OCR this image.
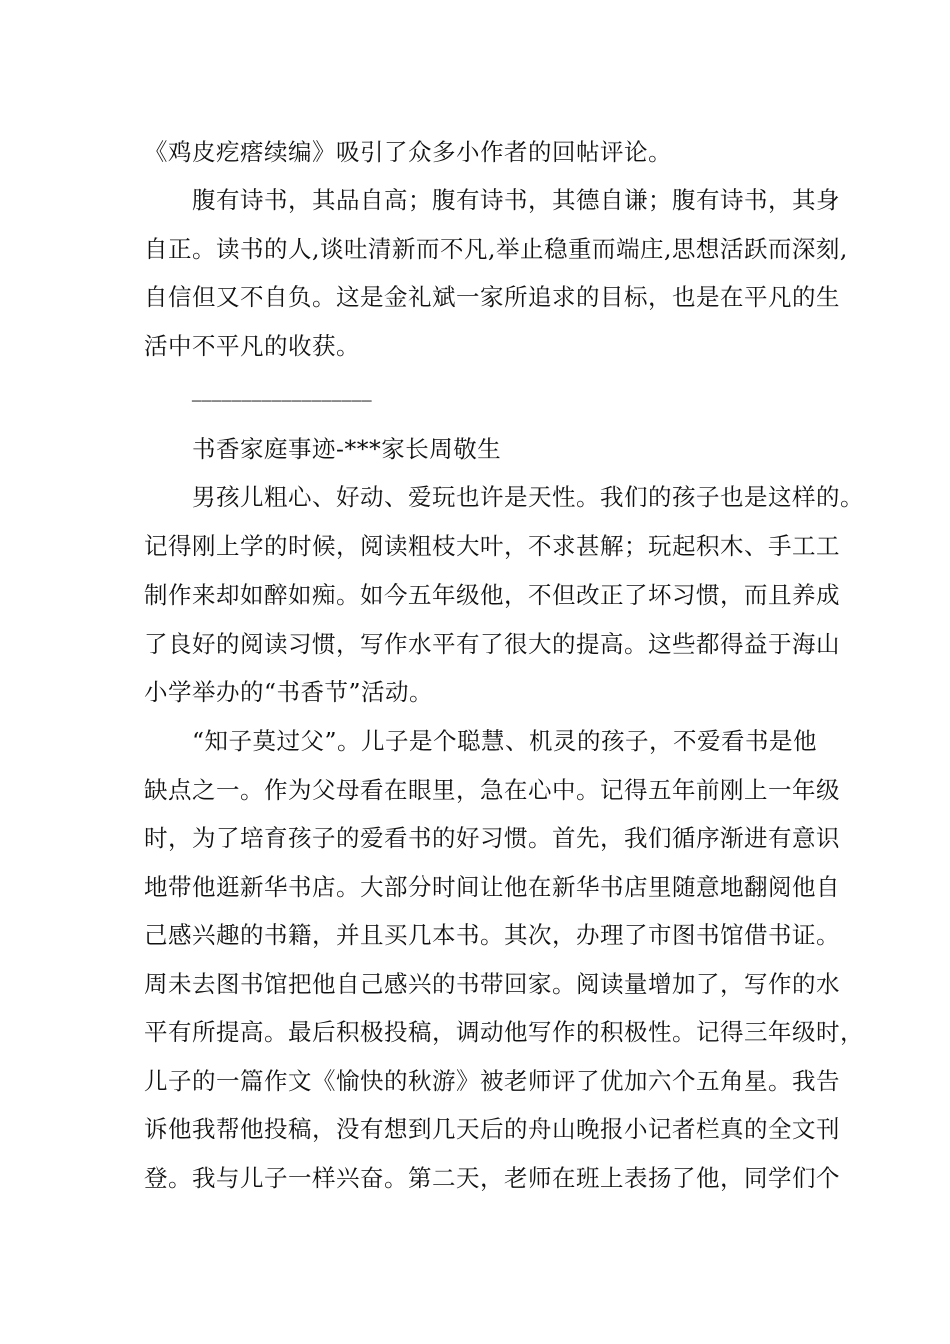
《鸡皮疙瘩续编》吸引了众多小作者的回帖评论。
腹有诗书，其品自高；腹有诗书，其德自谦；腹有诗书，其身
自正。读书的人,谈吐清新而不凡,举止稳重而端庄,思想活跃而深刻,
自信但又不自负。这是金礼斌一家所追求的目标，也是在平凡的生
活中不平凡的收获。
__________________
书香家庭事迹-***家长周敬生
男孩儿粗心、好动、爱玩也许是天性。我们的孩子也是这样的。
记得刚上学的时候，阅读粗枝大叶，不求甚解；玩起积木、手工工
制作来却如醉如痴。如今五年级他，不但改正了坏习惯，而且养成
了良好的阅读习惯，写作水平有了很大的提高。这些都得益于海山
小学举办的“书香节”活动。
“知子莫过父”。儿子是个聪慧、机灵的孩子，不爱看书是他
缺点之一。作为父母看在眼里，急在心中。记得五年前刚上一年级
时，为了培育孩子的爱看书的好习惯。首先，我们循序渐进有意识
地带他逛新华书店。大部分时间让他在新华书店里随意地翻阅他自
己感兴趣的书籍，并且买几本书。其次，办理了市图书馆借书证。
周未去图书馆把他自己感兴的书带回家。阅读量增加了，写作的水
平有所提高。最后积极投稿，调动他写作的积极性。记得三年级时，
儿子的一篇作文《愉快的秋游》被老师评了优加六个五角星。我告
诉他我帮他投稿，没有想到几天后的舟山晚报小记者栏真的全文刊
登。我与儿子一样兴奋。第二天，老师在班上表扬了他，同学们个
